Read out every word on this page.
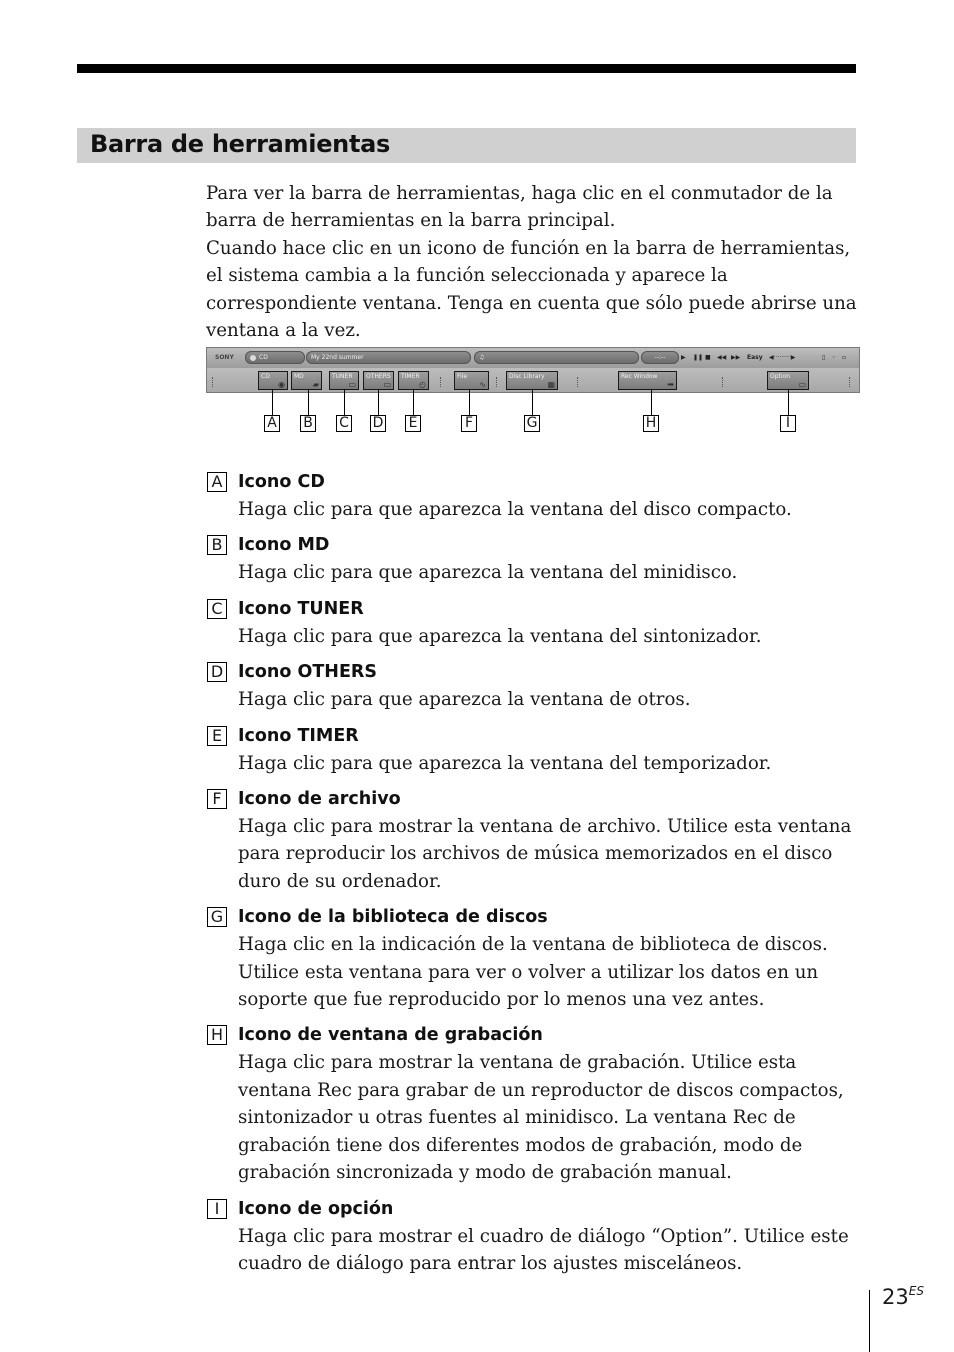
Barra de herramientas

Para ver la barra de herramientas, haga clic en el conmutador de la barra de herramientas en la barra principal.

Cuando hace clic en un icono de función en la barra de herramientas, el sistema cambia a la función seleccionada y aparece la correspondiente ventana. Tenga en cuenta que sólo puede abrirse una ventana a la vez.

SONY	CD	My 22nd summer	♫	--:--	▶ ❚❚ ■ ◀◀ ▶▶ Easy ◀·········▶	▯ ◦ ▫
CD
◉
MD
▰
TUNER
▭
OTHERS
▭
TIMER
◴
File
∿
Disc Library
▦
Rec Window
➡
Option
▭
A B C D E	F	G	H	I
A Icono CD

Haga clic para que aparezca la ventana del disco compacto.

B Icono MD

Haga clic para que aparezca la ventana del minidisco.

C Icono TUNER

Haga clic para que aparezca la ventana del sintonizador.

D Icono OTHERS

Haga clic para que aparezca la ventana de otros.

E Icono TIMER

Haga clic para que aparezca la ventana del temporizador.

F Icono de archivo

Haga clic para mostrar la ventana de archivo. Utilice esta ventana para reproducir los archivos de música memorizados en el disco duro de su ordenador.

G Icono de la biblioteca de discos

Haga clic en la indicación de la ventana de biblioteca de discos. Utilice esta ventana para ver o volver a utilizar los datos en un soporte que fue reproducido por lo menos una vez antes.

H Icono de ventana de grabación

Haga clic para mostrar la ventana de grabación. Utilice esta ventana Rec para grabar de un reproductor de discos compactos, sintonizador u otras fuentes al minidisco. La ventana Rec de grabación tiene dos diferentes modos de grabación, modo de grabación sincronizada y modo de grabación manual.

I	Icono de opción

Haga clic para mostrar el cuadro de diálogo “Option”. Utilice este cuadro de diálogo para entrar los ajustes misceláneos.

$23^{ES}$
